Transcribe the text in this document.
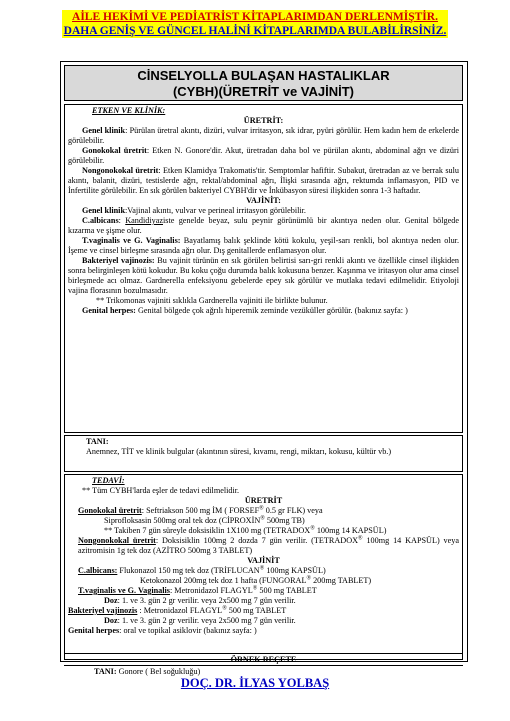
AİLE HEKİMİ VE PEDİATRİST KİTAPLARIMDAN DERLENMİŞTİR.
DAHA GENİŞ VE GÜNCEL HALİNİ KİTAPLARIMDA BULABİLİRSİNİZ.
CİNSELYOLLA BULAŞAN HASTALIKLAR
(CYBH)(ÜRETRİT ve VAJİNİT)

ETKEN VE KLİNİK:

ÜRETRİT:

Genel klinik: Pürülan üretral akıntı, dizüri, vulvar irritasyon, sık idrar, pyüri görülür. Hem kadın hem de erkelerde görülebilir.

Gonokokal üretrit: Etken N. Gonore'dir. Akut, üretradan daha bol ve pürülan akıntı, abdominal ağrı ve dizüri görülebilir.

Nongonokokal üretrit: Etken Klamidya Trakomatis'tir. Semptomlar hafiftir. Subakut, üretradan az ve berrak sulu akıntı, balanit, dizüri, testislerde ağrı, rektal/abdominal ağrı, İlişki sırasında ağrı, rektumda inflamasyon, PID ve İnfertilite görülebilir. En sık görülen bakteriyel CYBH'dir ve İnkübasyon süresi ilişkiden sonra 1-3 haftadır.

VAJİNİT:

Genel klinik:Vajinal akıntı, vulvar ve perineal irritasyon görülebilir.

C.albicans: Kandidiyaziste genelde beyaz, sulu peynir görünümlü bir akıntıya neden olur. Genital bölgede kızarma ve şişme olur.

T.vaginalis ve G. Vaginalis: Bayatlamış balık şeklinde kötü kokulu, yeşil-sarı renkli, bol akıntıya neden olur. İşeme ve cinsel birleşme sırasında ağrı olur. Dış genitallerde enflamasyon olur.

Bakteriyel vajinozis: Bu vajinit türünün en sık görülen belirtisi sarı-gri renkli akıntı ve özellikle cinsel ilişkiden sonra belirginleşen kötü kokudur. Bu koku çoğu durumda balık kokusuna benzer. Kaşınma ve iritasyon olur ama cinsel birleşmede acı olmaz. Gardnerella enfeksiyonu gebelerde epey sık görülür ve mutlaka tedavi edilmelidir. Etiyoloji vajina florasının bozulmasıdır.

** Trikomonas vajiniti sıklıkla Gardnerella vajiniti ile birlikte bulunur.

Genital herpes: Genital bölgede çok ağrılı hiperemik zeminde vezüküller görülür. (bakınız sayfa: )

TANI:

Anemnez, TİT ve klinik bulgular (akıntının süresi, kıvamı, rengi, miktarı, kokusu, kültür vb.)

TEDAVİ:

** Tüm CYBH'larda eşler de tedavi edilmelidir.

ÜRETRİT

Gonokokal üretrit: Seftriakson 500 mg İM ( FORSEF® 0.5 gr FLK) veya

Siprofloksasin 500mg oral tek doz (CİPROXİN® 500mg TB)

** Takiben 7 gün süreyle doksisiklin 1X100 mg (TETRADOX® 100mg 14 KAPSÜL)

Nongonokokal üretrit: Doksisiklin 100mg 2 dozda 7 gün verilir. (TETRADOX® 100mg 14 KAPSÜL) veya azitromisin 1g tek doz (AZİTRO 500mg 3 TABLET)

VAJİNİT

C.albicans: Flukonazol 150 mg tek doz (TRİFLUCAN® 100mg KAPSÜL)

Ketokonazol 200mg tek doz 1 hafta (FUNGORAL® 200mg TABLET)

T.vaginalis ve G. Vaginalis: Metronidazol FLAGYL® 500 mg TABLET

Doz: 1. ve 3. gün 2 gr verilir. veya 2x500 mg 7 gün verilir.

Bakteriyel vajinozis : Metronidazol FLAGYL® 500 mg TABLET

Doz: 1. ve 3. gün 2 gr verilir. veya 2x500 mg 7 gün verilir.

Genital herpes: oral ve topikal asiklovir (bakınız sayfa: )

ÖRNEK REÇETE
TANI: Gonore ( Bel soğukluğu)
DOÇ. DR. İLYAS YOLBAŞ
